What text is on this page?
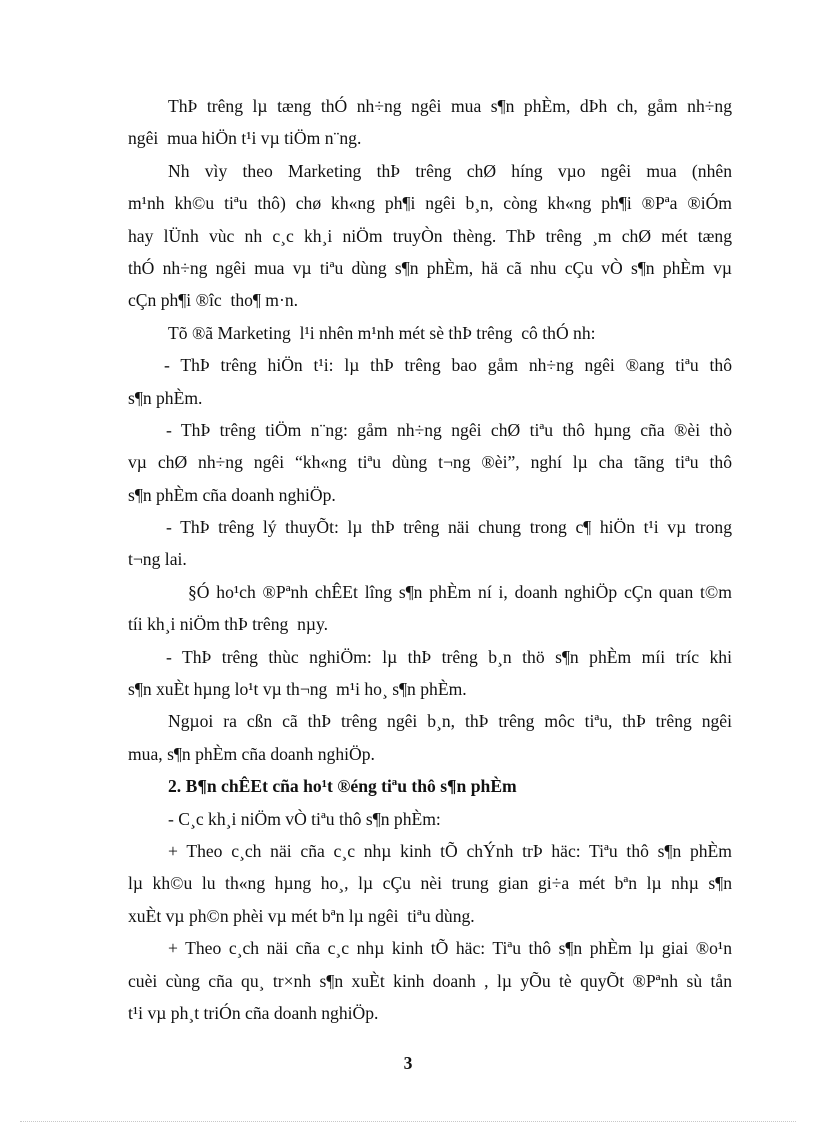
ThÞ trêng lµ tæng thÓ nh÷ng ngêi mua s¶n phÈm, dÞh ch, gåm nh÷ng
ngêi  mua hiÖn t¹i vµ tiÖm n¨ng.
Nh vìy theo Marketing thÞ trêng chØ híng vµo ngêi mua (nhên
m¹nh kh©u tiªu thô) chø kh«ng ph¶i ngêi b¸n, còng kh«ng ph¶i ®Pªa ®iÓm
hay lÜnh vùc nh c¸c kh¸i niÖm truyÒn thèng. ThÞ trêng ¸m chØ mét tæng
thÓ nh÷ng ngêi mua vµ tiªu dùng s¶n phÈm, hä cã nhu cÇu vÒ s¶n phÈm vµ
cÇn ph¶i ®îc  tho¶ m·n.
Tõ ®ã Marketing  l¹i nhên m¹nh mét sè thÞ trêng  cô thÓ nh:
- ThÞ trêng hiÖn t¹i: lµ thÞ trêng bao gåm nh÷ng ngêi ®ang tiªu thô
s¶n phÈm.
- ThÞ trêng tiÖm n¨ng: gåm nh÷ng ngêi chØ tiªu thô hµng cña ®èi thò
vµ chØ nh÷ng ngêi “kh«ng tiªu dùng t¬ng ®èi”, nghí lµ cha tãng tiªu thô
s¶n phÈm cña doanh nghiÖp.
- ThÞ trêng lý thuyÕt: lµ thÞ trêng näi chung trong c¶ hiÖn t¹i vµ trong
t¬ng lai.
§Ó ho¹ch ®Pªnh chÊEt lîng s¶n phÈm ní i, doanh nghiÖp cÇn quan t©m
tíi kh¸i niÖm thÞ trêng  nµy.
- ThÞ trêng thùc nghiÖm: lµ thÞ trêng b¸n thö s¶n phÈm míi tríc khi
s¶n xuÈt hµng lo¹t vµ th¬ng  m¹i ho¸ s¶n phÈm.
Ngµoi ra cßn cã thÞ trêng ngêi b¸n, thÞ trêng môc tiªu, thÞ trêng ngêi
mua, s¶n phÈm cña doanh nghiÖp.
2. B¶n chÊEt cña ho¹t ®éng tiªu thô s¶n phÈm
- C¸c kh¸i niÖm vÒ tiªu thô s¶n phÈm:
+ Theo c¸ch näi cña c¸c nhµ kinh tÕ chÝnh trÞ häc: Tiªu thô s¶n phÈm
lµ kh©u lu th«ng hµng ho¸, lµ cÇu nèi trung gian gi÷a mét bªn lµ nhµ s¶n
xuÈt vµ ph©n phèi vµ mét bªn lµ ngêi  tiªu dùng.
+ Theo c¸ch näi cña c¸c nhµ kinh tÕ häc: Tiªu thô s¶n phÈm lµ giai ®o¹n
cuèi cùng cña qu¸ tr×nh s¶n xuÈt kinh doanh , lµ yÕu tè quyÕt ®Pªnh sù tån
t¹i vµ ph¸t triÓn cña doanh nghiÖp.
3
